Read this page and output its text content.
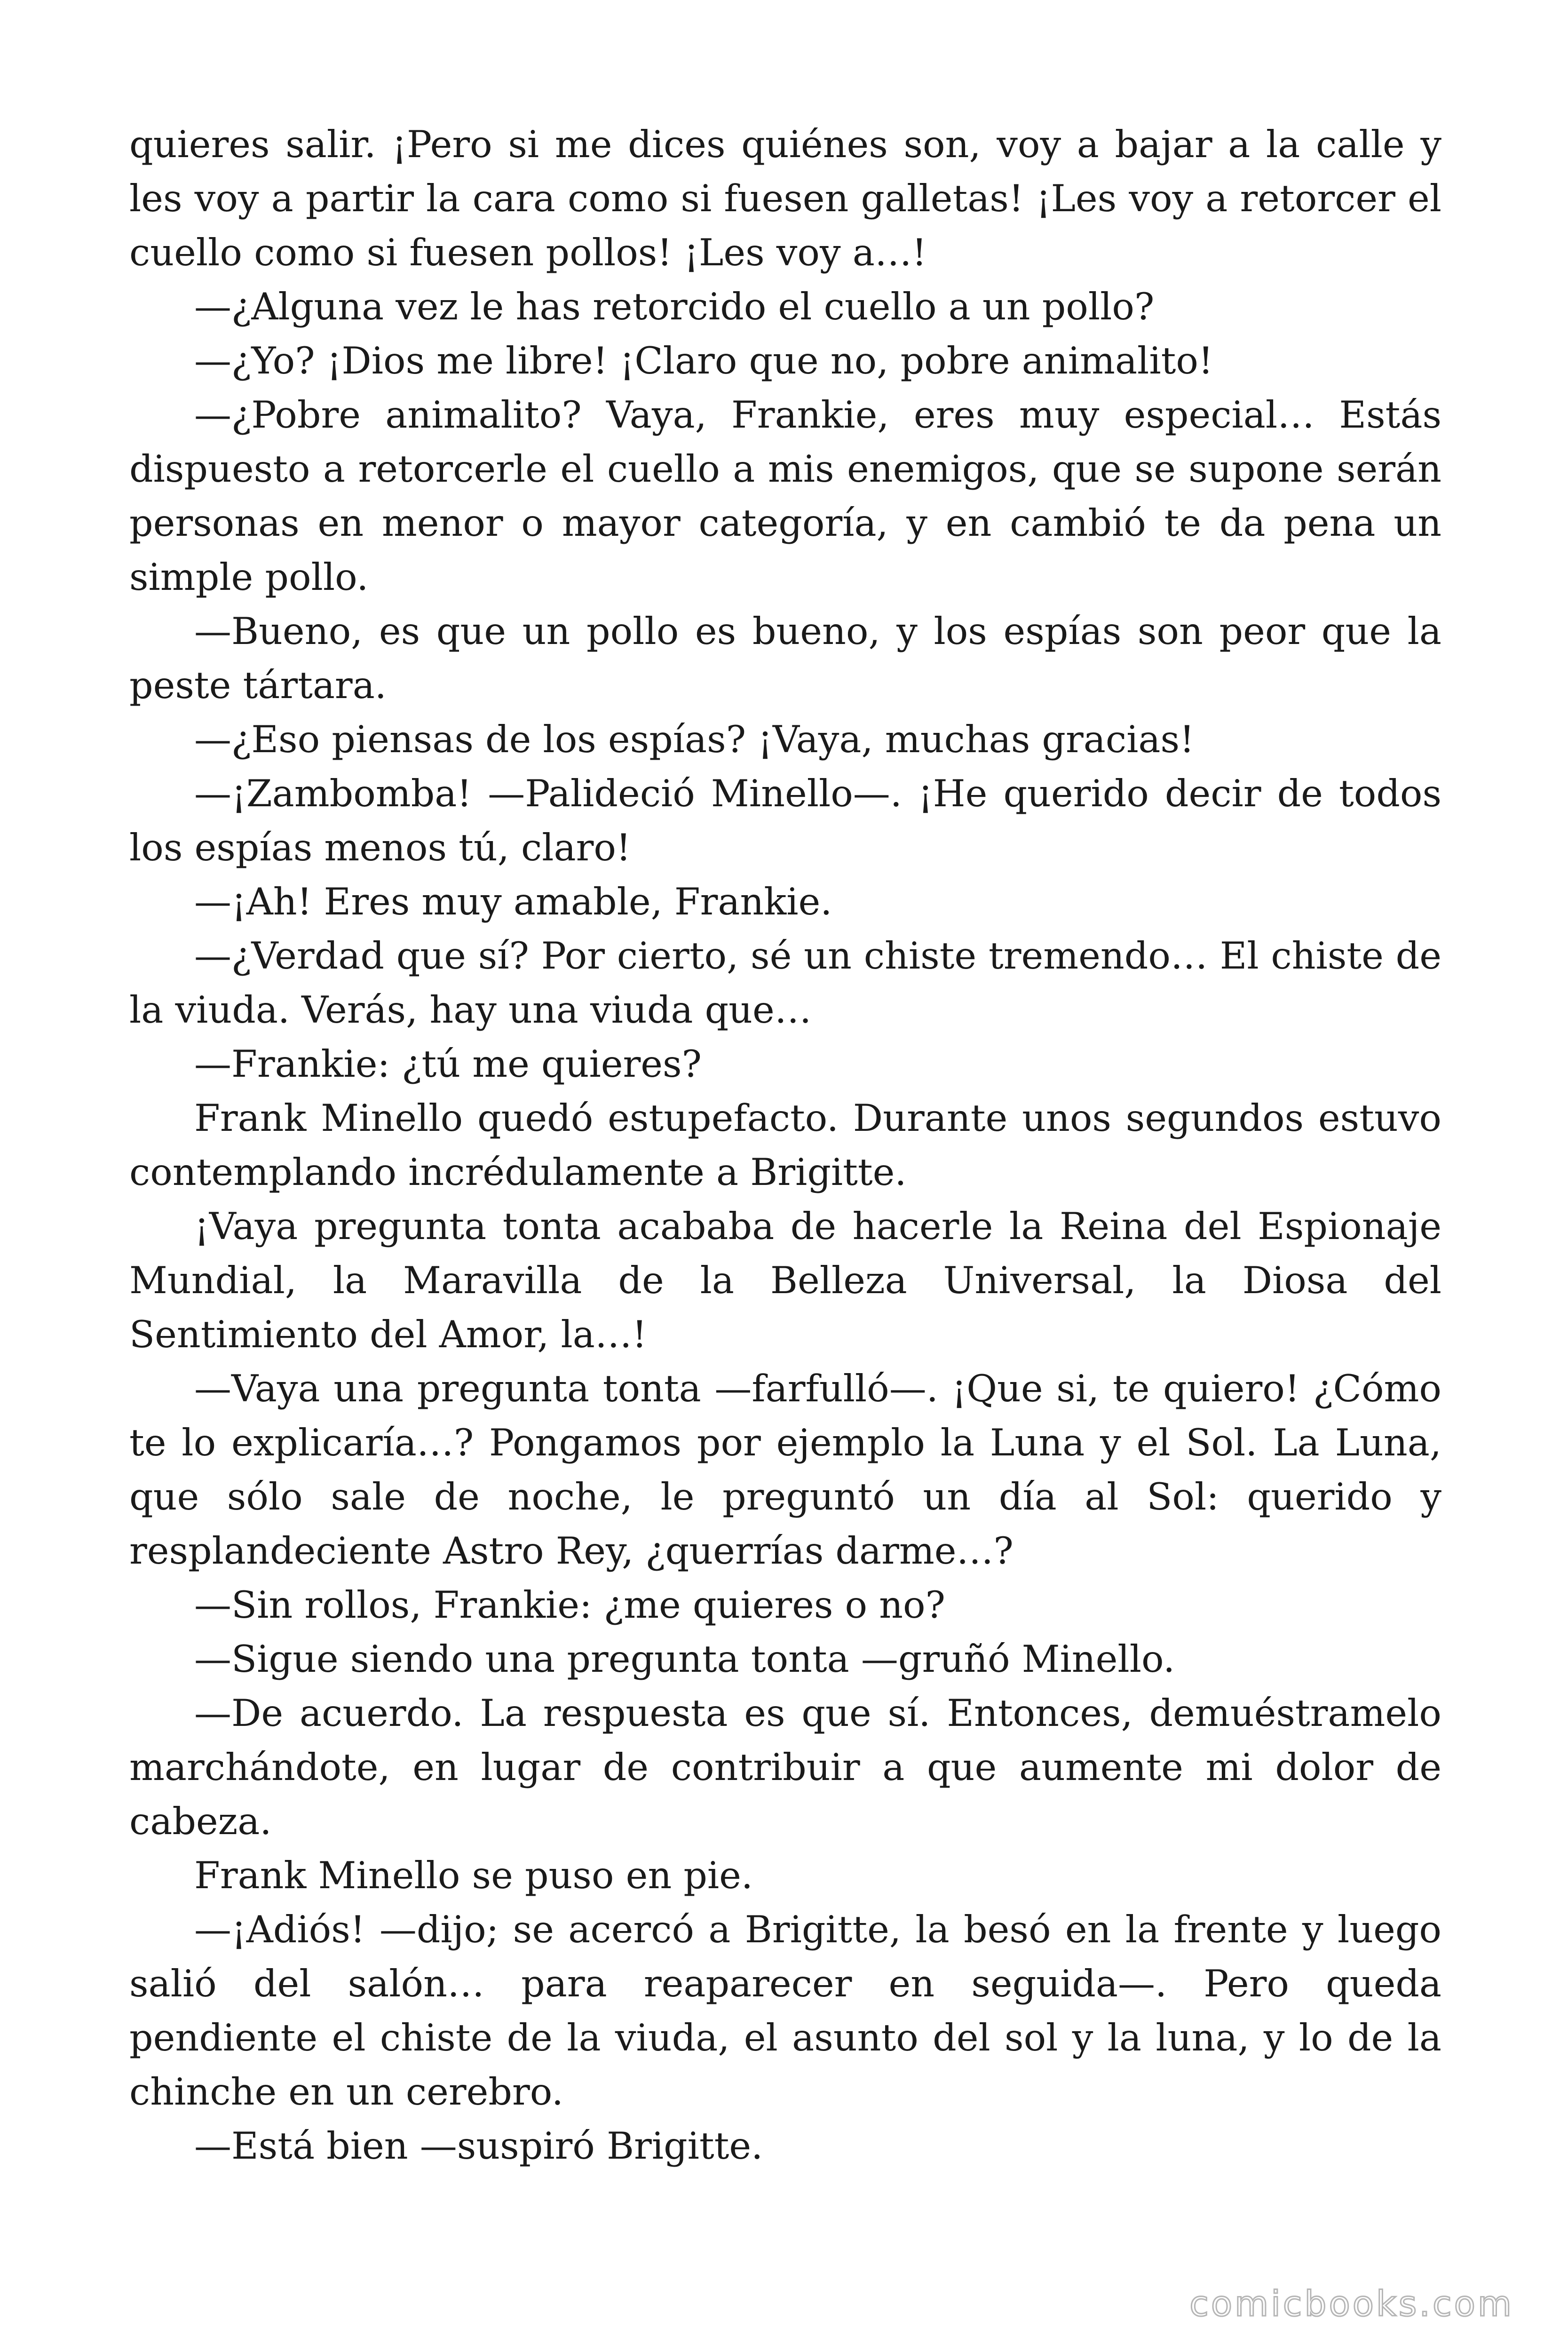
quieres salir. ¡Pero si me dices quiénes son, voy a bajar a la calle y les voy a partir la cara como si fuesen galletas! ¡Les voy a retorcer el cuello como si fuesen pollos! ¡Les voy a…!

—¿Alguna vez le has retorcido el cuello a un pollo?

—¿Yo? ¡Dios me libre! ¡Claro que no, pobre animalito!

—¿Pobre animalito? Vaya, Frankie, eres muy especial… Estás dispuesto a retorcerle el cuello a mis enemigos, que se supone serán personas en menor o mayor categoría, y en cambió te da pena un simple pollo.

—Bueno, es que un pollo es bueno, y los espías son peor que la peste tártara.

—¿Eso piensas de los espías? ¡Vaya, muchas gracias!

—¡Zambomba! —Palideció Minello—. ¡He querido decir de todos los espías menos tú, claro!

—¡Ah! Eres muy amable, Frankie.

—¿Verdad que sí? Por cierto, sé un chiste tremendo… El chiste de la viuda. Verás, hay una viuda que…

—Frankie: ¿tú me quieres?

Frank Minello quedó estupefacto. Durante unos segundos estuvo contemplando incrédulamente a Brigitte.

¡Vaya pregunta tonta acababa de hacerle la Reina del Espionaje Mundial, la Maravilla de la Belleza Universal, la Diosa del Sentimiento del Amor, la…!

—Vaya una pregunta tonta —farfulló—. ¡Que si, te quiero! ¿Cómo te lo explicaría…? Pongamos por ejemplo la Luna y el Sol. La Luna, que sólo sale de noche, le preguntó un día al Sol: querido y resplandeciente Astro Rey, ¿querrías darme…?

—Sin rollos, Frankie: ¿me quieres o no?

—Sigue siendo una pregunta tonta —gruñó Minello.

—De acuerdo. La respuesta es que sí. Entonces, demuéstramelo marchándote, en lugar de contribuir a que aumente mi dolor de cabeza.

Frank Minello se puso en pie.

—¡Adiós! —dijo; se acercó a Brigitte, la besó en la frente y luego salió del salón… para reaparecer en seguida—. Pero queda pendiente el chiste de la viuda, el asunto del sol y la luna, y lo de la chinche en un cerebro.

—Está bien —suspiró Brigitte.

comicbooks.com
